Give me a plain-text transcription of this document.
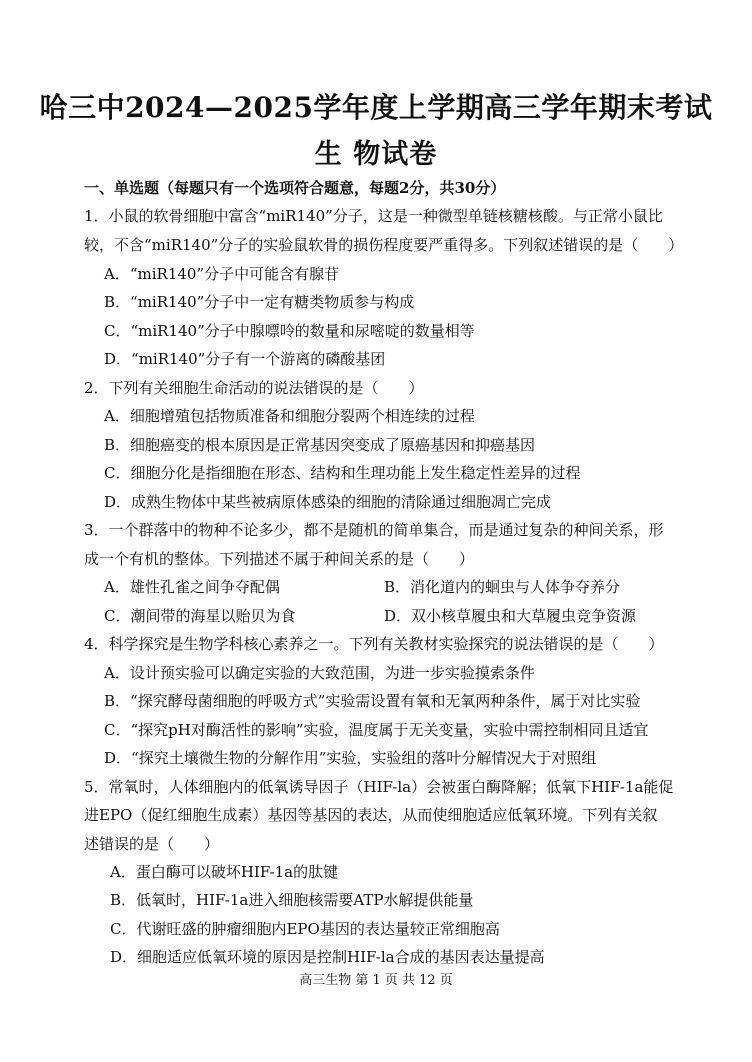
哈三中2024—2025学年度上学期高三学年期末考试
生 物试卷
一、单选题（每题只有一个选项符合题意，每题2分，共30分）
1．小鼠的软骨细胞中富含“miR140”分子，这是一种微型单链核糖核酸。与正常小鼠比
较，不含“miR140”分子的实验鼠软骨的损伤程度要严重得多。下列叙述错误的是（　　）
A．“miR140”分子中可能含有腺苷
B．“miR140”分子中一定有糖类物质参与构成
C．“miR140”分子中腺嘌呤的数量和尿嘧啶的数量相等
D．“miR140”分子有一个游离的磷酸基团
2．下列有关细胞生命活动的说法错误的是（　　）
A．细胞增殖包括物质准备和细胞分裂两个相连续的过程
B．细胞癌变的根本原因是正常基因突变成了原癌基因和抑癌基因
C．细胞分化是指细胞在形态、结构和生理功能上发生稳定性差异的过程
D．成熟生物体中某些被病原体感染的细胞的清除通过细胞凋亡完成
3．一个群落中的物种不论多少，都不是随机的简单集合，而是通过复杂的种间关系，形
成一个有机的整体。下列描述不属于种间关系的是（　　）
A．雄性孔雀之间争夺配偶	B．消化道内的蛔虫与人体争夺养分
C．潮间带的海星以贻贝为食	D．双小核草履虫和大草履虫竞争资源
4．科学探究是生物学科核心素养之一。下列有关教材实验探究的说法错误的是（　　）
A．设计预实验可以确定实验的大致范围，为进一步实验摸索条件
B．“探究酵母菌细胞的呼吸方式”实验需设置有氧和无氧两种条件，属于对比实验
C．“探究pH对酶活性的影响”实验，温度属于无关变量，实验中需控制相同且适宜
D．“探究土壤微生物的分解作用”实验，实验组的落叶分解情况大于对照组
5．常氧时，人体细胞内的低氧诱导因子（HIF-la）会被蛋白酶降解；低氧下HIF-1a能促
进EPO（促红细胞生成素）基因等基因的表达，从而使细胞适应低氧环境。下列有关叙
述错误的是（　　）
A．蛋白酶可以破坏HIF-1a的肽键
B．低氧时，HIF-1a进入细胞核需要ATP水解提供能量
C．代谢旺盛的肿瘤细胞内EPO基因的表达量较正常细胞高
D．细胞适应低氧环境的原因是控制HIF-la合成的基因表达量提高
高三生物 第 1 页 共 12 页
